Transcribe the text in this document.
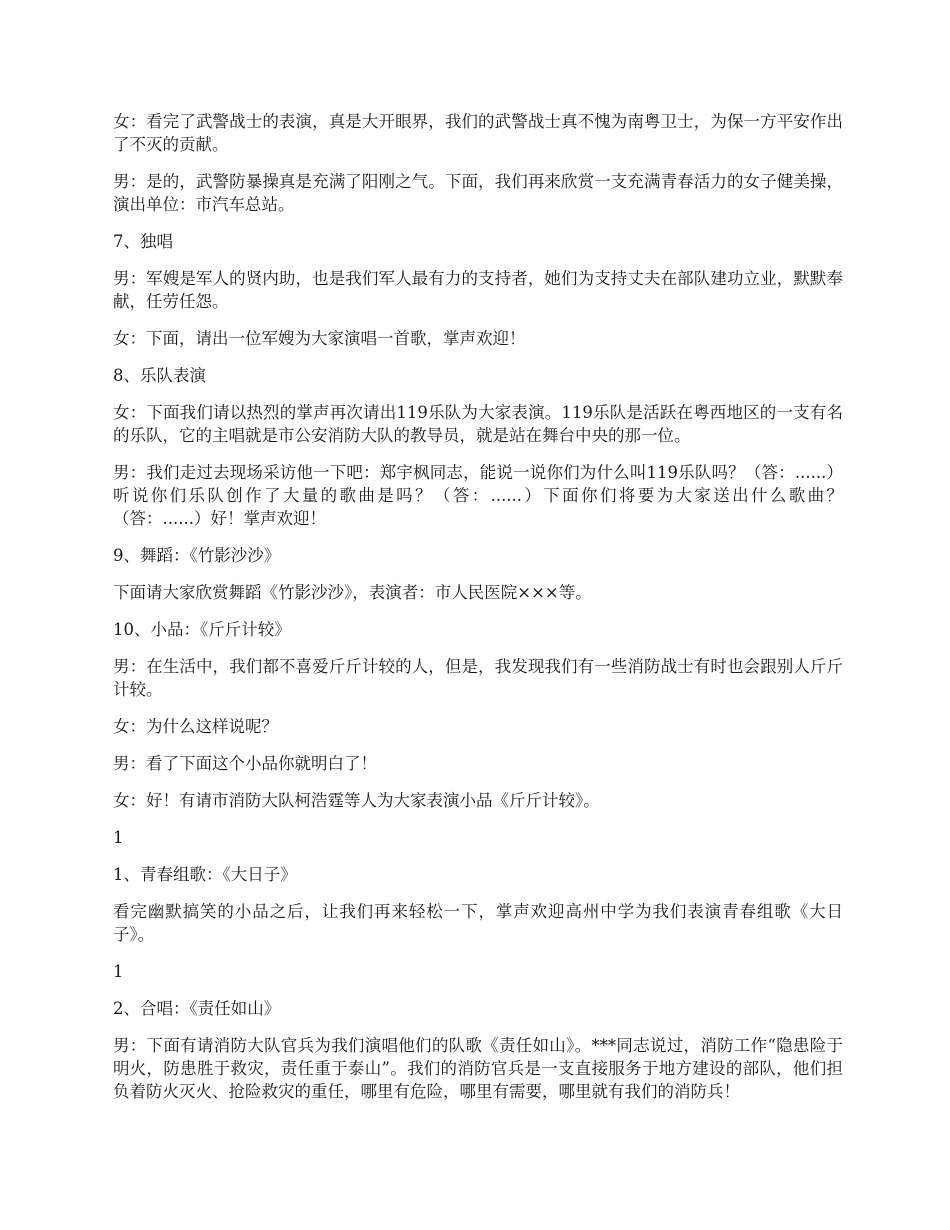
女：看完了武警战士的表演，真是大开眼界，我们的武警战士真不愧为南粤卫士，为保一方平安作出了不灭的贡献。

男：是的，武警防暴操真是充满了阳刚之气。下面，我们再来欣赏一支充满青春活力的女子健美操，演出单位：市汽车总站。

7、独唱

男：军嫂是军人的贤内助，也是我们军人最有力的支持者，她们为支持丈夫在部队建功立业，默默奉献，任劳任怨。

女：下面，请出一位军嫂为大家演唱一首歌，掌声欢迎！

8、乐队表演

女：下面我们请以热烈的掌声再次请出119乐队为大家表演。119乐队是活跃在粤西地区的一支有名的乐队，它的主唱就是市公安消防大队的教导员，就是站在舞台中央的那一位。

男：我们走过去现场采访他一下吧：郑宇枫同志，能说一说你们为什么叫119乐队吗？（答：......）听说你们乐队创作了大量的歌曲是吗？（答：......）下面你们将要为大家送出什么歌曲？（答：......）好！掌声欢迎！

9、舞蹈：《竹影沙沙》

下面请大家欣赏舞蹈《竹影沙沙》，表演者：市人民医院×××等。

10、小品：《斤斤计较》

男：在生活中，我们都不喜爱斤斤计较的人，但是，我发现我们有一些消防战士有时也会跟别人斤斤计较。

女：为什么这样说呢？

男：看了下面这个小品你就明白了！

女：好！有请市消防大队柯浩霆等人为大家表演小品《斤斤计较》。

1

1、青春组歌：《大日子》

看完幽默搞笑的小品之后，让我们再来轻松一下，掌声欢迎高州中学为我们表演青春组歌《大日子》。

1

2、合唱：《责任如山》

男：下面有请消防大队官兵为我们演唱他们的队歌《责任如山》。***同志说过，消防工作“隐患险于明火，防患胜于救灾，责任重于泰山”。我们的消防官兵是一支直接服务于地方建设的部队，他们担负着防火灭火、抢险救灾的重任，哪里有危险，哪里有需要，哪里就有我们的消防兵！
